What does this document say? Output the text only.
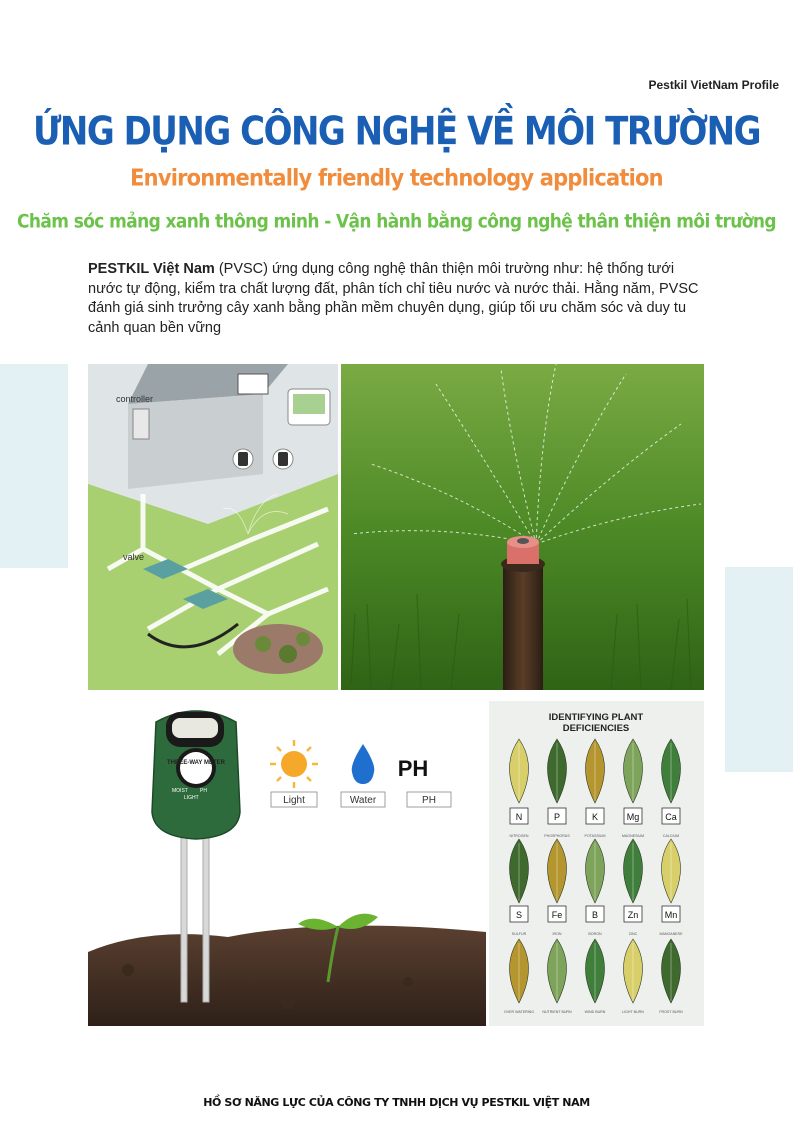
Pestkil VietNam Profile
ỨNG DỤNG CÔNG NGHỆ VỀ MÔI TRƯỜNG
Environmentally friendly technology application
Chăm sóc mảng xanh thông minh - Vận hành bằng công nghệ thân thiện môi trường
PESTKIL Việt Nam (PVSC) ứng dụng công nghệ thân thiện môi trường như: hệ thống tưới nước tự động, kiểm tra chất lượng đất, phân tích chỉ tiêu nước và nước thải. Hằng năm, PVSC đánh giá sinh trưởng cây xanh bằng phần mềm chuyên dụng, giúp tối ưu chăm sóc và duy tu cảnh quan bền vững
controller
valve
THREE-WAY METER
MOIST PH
LIGHT
PH
Light	Water	PH
IDENTIFYING PLANT
DEFICIENCIES
N
NITROGEN
P
PHOSPHORUS
K
POTASSIUM
Mg
MAGNESIUM
Ca
CALCIUM
S
SULFUR
Fe
IRON
B
BORON
Zn
ZINC
Mn
MANGANESE
OVER WATERING NUTRIENT BURN	WIND BURN	LIGHT BURN	FROST BURN
HỒ SƠ NĂNG LỰC CỦA CÔNG TY TNHH DỊCH VỤ PESTKIL VIỆT NAM
